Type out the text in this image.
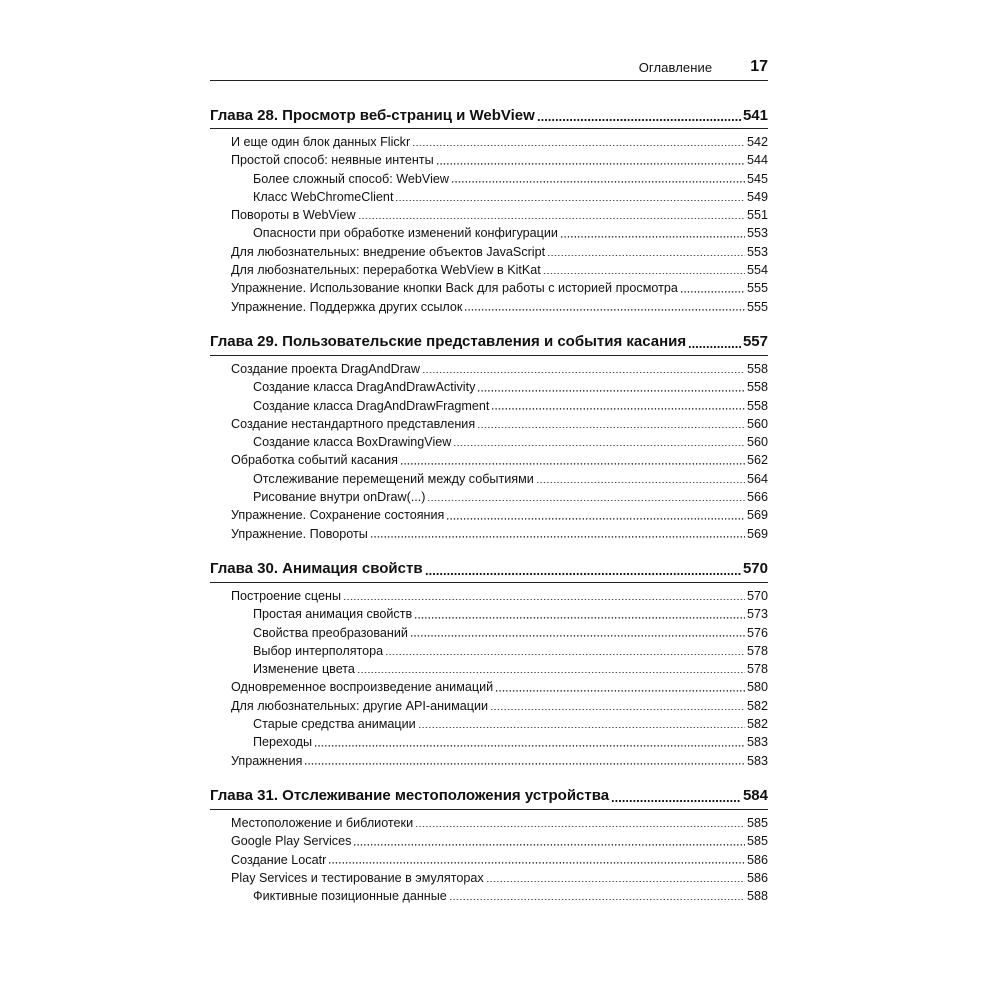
Оглавление 17
Глава 28. Просмотр веб-страниц и WebView	541
И еще один блок данных Flickr	542
Простой способ: неявные интенты	544
Более сложный способ: WebView	545
Класс WebChromeClient	549
Повороты в WebView	551
Опасности при обработке изменений конфигурации	553
Для любознательных: внедрение объектов JavaScript	553
Для любознательных: переработка WebView в KitKat	554
Упражнение. Использование кнопки Back для работы с историей просмотра	555
Упражнение. Поддержка других ссылок	555
Глава 29. Пользовательские представления и события касания	557
Создание проекта DragAndDraw	558
Создание класса DragAndDrawActivity	558
Создание класса DragAndDrawFragment	558
Создание нестандартного представления	560
Создание класса BoxDrawingView	560
Обработка событий касания	562
Отслеживание перемещений между событиями	564
Рисование внутри onDraw(...)	566
Упражнение. Сохранение состояния	569
Упражнение. Повороты	569
Глава 30. Анимация свойств	570
Построение сцены	570
Простая анимация свойств	573
Свойства преобразований	576
Выбор интерполятора	578
Изменение цвета	578
Одновременное воспроизведение анимаций	580
Для любознательных: другие API-анимации	582
Старые средства анимации	582
Переходы	583
Упражнения	583
Глава 31. Отслеживание местоположения устройства	584
Местоположение и библиотеки	585
Google Play Services	585
Создание Locatr	586
Play Services и тестирование в эмуляторах	586
Фиктивные позиционные данные	588
